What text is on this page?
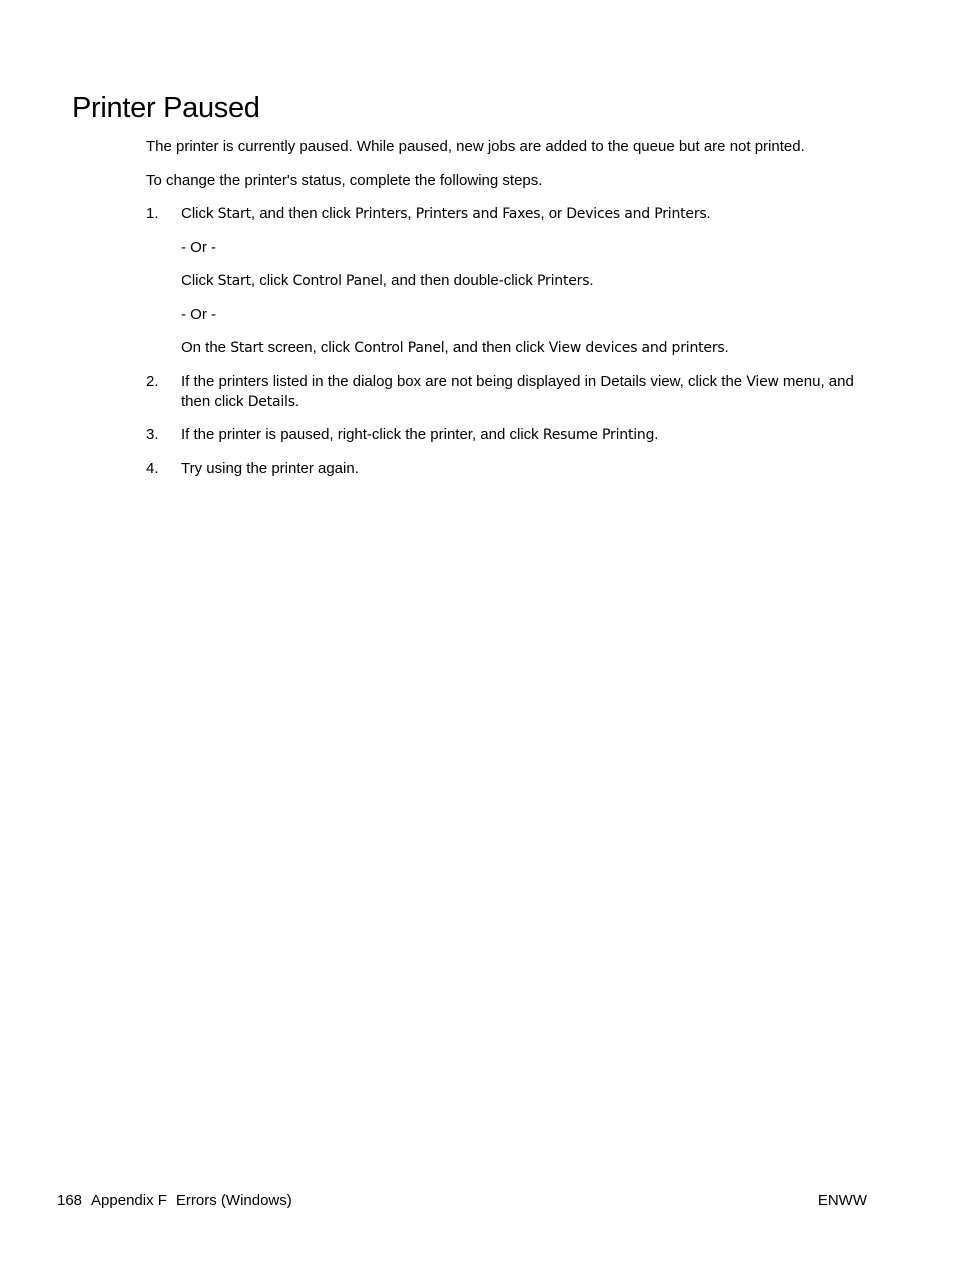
Printer Paused

The printer is currently paused. While paused, new jobs are added to the queue but are not printed.

To change the printer's status, complete the following steps.

1. Click Start, and then click Printers, Printers and Faxes, or Devices and Printers.

- Or -

Click Start, click Control Panel, and then double-click Printers.

- Or -

On the Start screen, click Control Panel, and then click View devices and printers.

2. If the printers listed in the dialog box are not being displayed in Details view, click the View menu, and then click Details.

3. If the printer is paused, right-click the printer, and click Resume Printing.

4. Try using the printer again.

168 Appendix F Errors (Windows)	ENWW
